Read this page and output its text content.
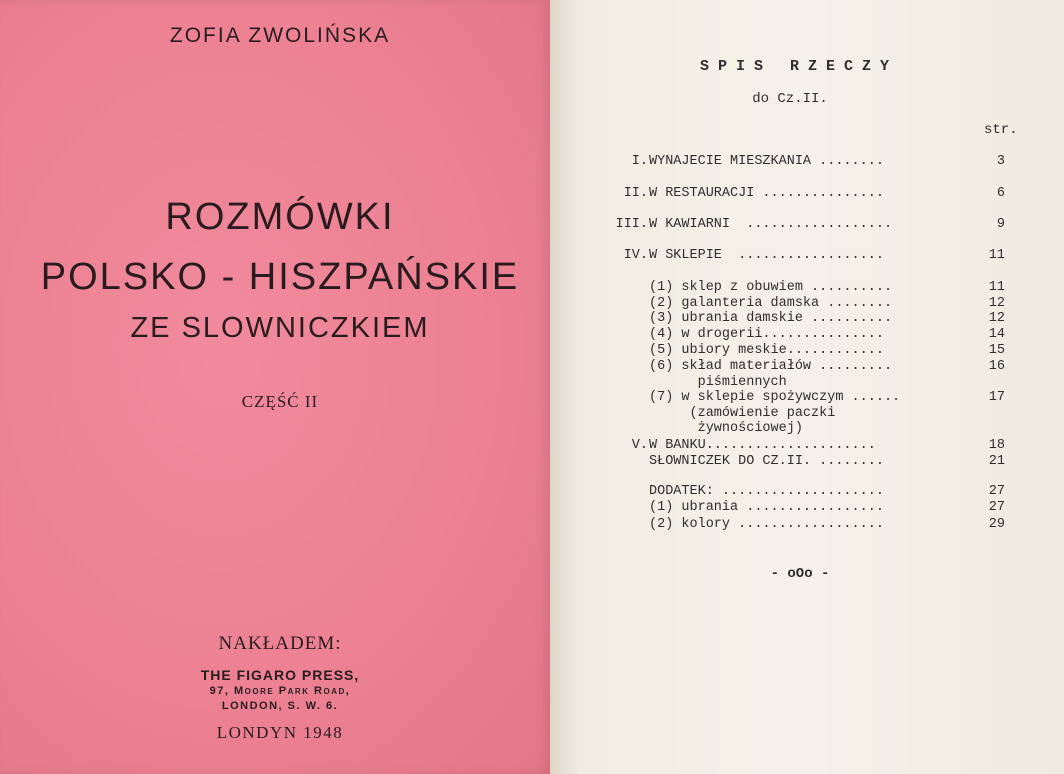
ZOFIA ZWOLIŃSKA
ROZMÓWKI
POLSKO - HISZPAŃSKIE
ZE SLOWNICZKIEM
CZĘŚĆ II
NAKŁADEM:
THE FIGARO PRESS,
97, Moore Park Road,
LONDON, S. W. 6.
LONDYN 1948
SPIS RZECZY
do Cz.II.
str.
I. WYNAJECIE MIESZKANIA ........	3
II. W RESTAURACJI ...............	6
III. W KAWIARNI  ..................	9
IV. W SKLEPIE  ..................	11
(1) sklep z obuwiem ..........	11
(2) galanteria damska ........	12
(3) ubrania damskie ..........	12
(4) w drogerii...............	14
(5) ubiory meskie............	15
(6) skład materiałów .........	16
piśmiennych
(7) w sklepie spożywczym ......	17
(zamówienie paczki
żywnościowej)
V. W BANKU.....................	18
SŁOWNICZEK DO CZ.II. ........	21
DODATEK: ....................	27
(1) ubrania .................	27
(2) kolory ..................	29
- oOo -
